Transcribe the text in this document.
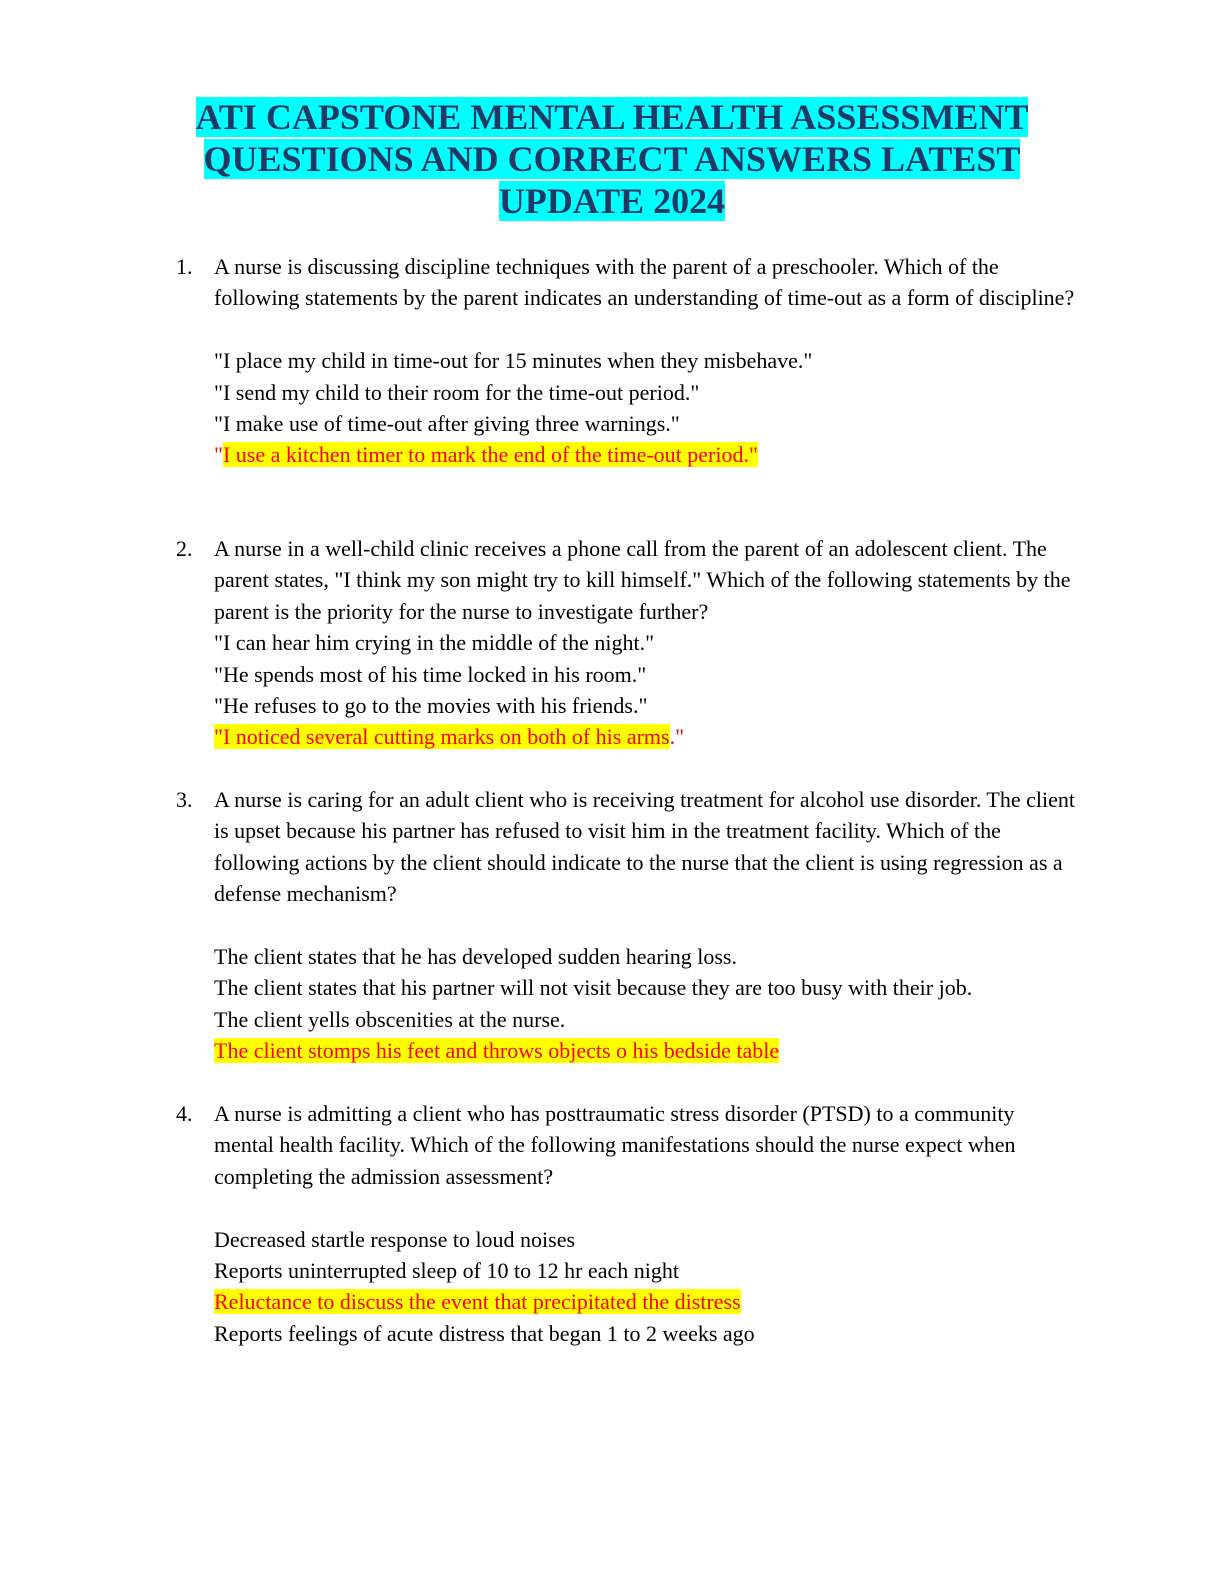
ATI CAPSTONE MENTAL HEALTH ASSESSMENT
QUESTIONS AND CORRECT ANSWERS LATEST
UPDATE 2024
1. A nurse is discussing discipline techniques with the parent of a preschooler. Which of the following statements by the parent indicates an understanding of time-out as a form of discipline?
"I place my child in time-out for 15 minutes when they misbehave."
"I send my child to their room for the time-out period."
"I make use of time-out after giving three warnings."
"I use a kitchen timer to mark the end of the time-out period."
2. A nurse in a well-child clinic receives a phone call from the parent of an adolescent client. The parent states, "I think my son might try to kill himself." Which of the following statements by the parent is the priority for the nurse to investigate further?
"I can hear him crying in the middle of the night."
"He spends most of his time locked in his room."
"He refuses to go to the movies with his friends."
"I noticed several cutting marks on both of his arms."
3. A nurse is caring for an adult client who is receiving treatment for alcohol use disorder. The client is upset because his partner has refused to visit him in the treatment facility. Which of the following actions by the client should indicate to the nurse that the client is using regression as a defense mechanism?
The client states that he has developed sudden hearing loss.
The client states that his partner will not visit because they are too busy with their job.
The client yells obscenities at the nurse.
The client stomps his feet and throws objects o his bedside table
4. A nurse is admitting a client who has posttraumatic stress disorder (PTSD) to a community mental health facility. Which of the following manifestations should the nurse expect when completing the admission assessment?
Decreased startle response to loud noises
Reports uninterrupted sleep of 10 to 12 hr each night
Reluctance to discuss the event that precipitated the distress
Reports feelings of acute distress that began 1 to 2 weeks ago
